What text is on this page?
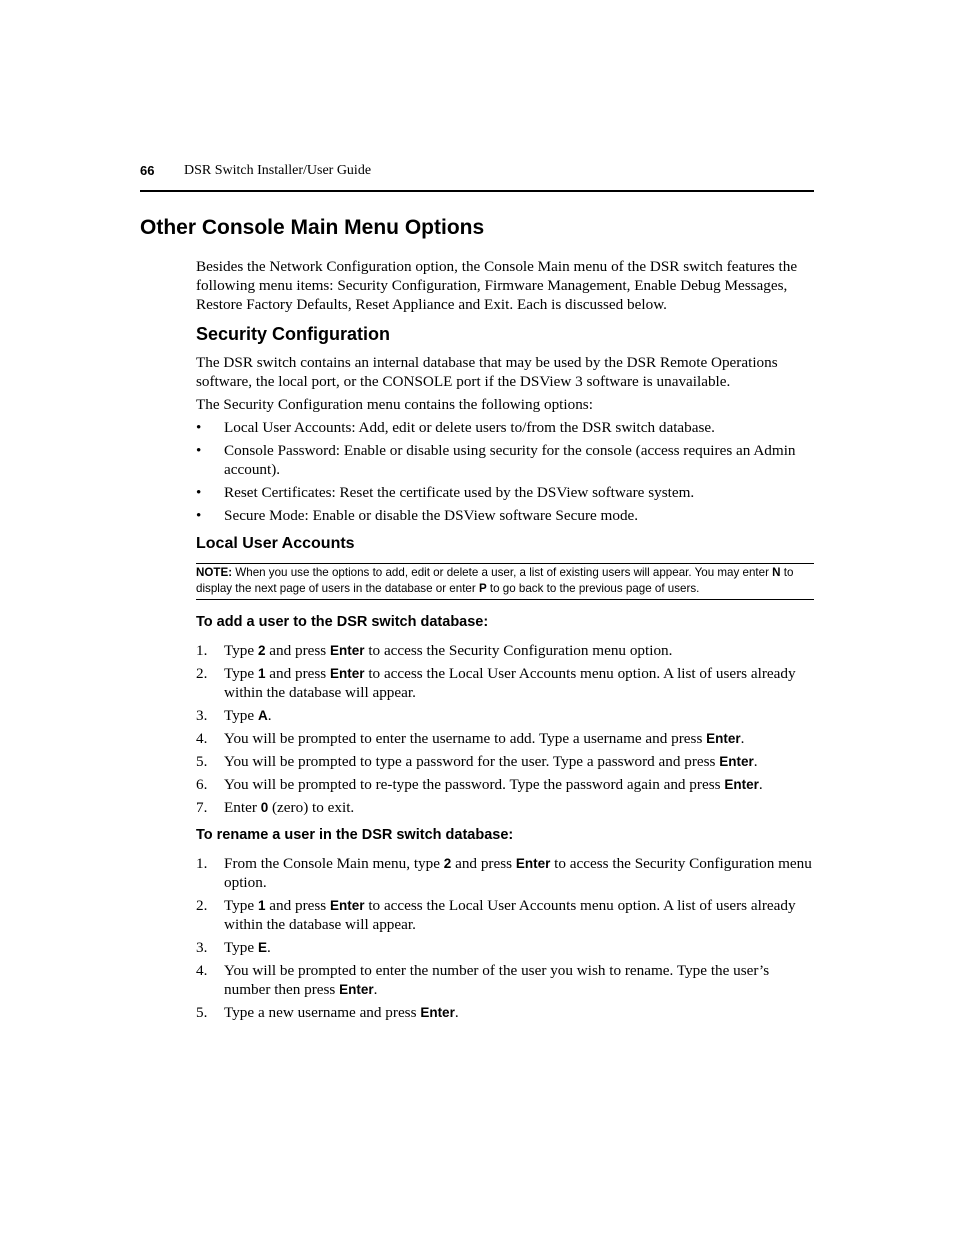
66 DSR Switch Installer/User Guide
Other Console Main Menu Options

Besides the Network Configuration option, the Console Main menu of the DSR switch features the following menu items: Security Configuration, Firmware Management, Enable Debug Messages, Restore Factory Defaults, Reset Appliance and Exit. Each is discussed below.

Security Configuration

The DSR switch contains an internal database that may be used by the DSR Remote Operations software, the local port, or the CONSOLE port if the DSView 3 software is unavailable.

The Security Configuration menu contains the following options:

• Local User Accounts: Add, edit or delete users to/from the DSR switch database.
• Console Password: Enable or disable using security for the console (access requires an Admin account).
• Reset Certificates: Reset the certificate used by the DSView software system.
• Secure Mode: Enable or disable the DSView software Secure mode.
Local User Accounts
NOTE: When you use the options to add, edit or delete a user, a list of existing users will appear. You may enter N to display the next page of users in the database or enter P to go back to the previous page of users.
To add a user to the DSR switch database:
1. Type 2 and press Enter to access the Security Configuration menu option.
2. Type 1 and press Enter to access the Local User Accounts menu option. A list of users already within the database will appear.
3. Type A.
4. You will be prompted to enter the username to add. Type a username and press Enter.
5. You will be prompted to type a password for the user. Type a password and press Enter.
6. You will be prompted to re-type the password. Type the password again and press Enter.
7. Enter 0 (zero) to exit.
To rename a user in the DSR switch database:
1. From the Console Main menu, type 2 and press Enter to access the Security Configuration menu option.
2. Type 1 and press Enter to access the Local User Accounts menu option. A list of users already within the database will appear.
3. Type E.
4. You will be prompted to enter the number of the user you wish to rename. Type the user’s number then press Enter.
5. Type a new username and press Enter.
